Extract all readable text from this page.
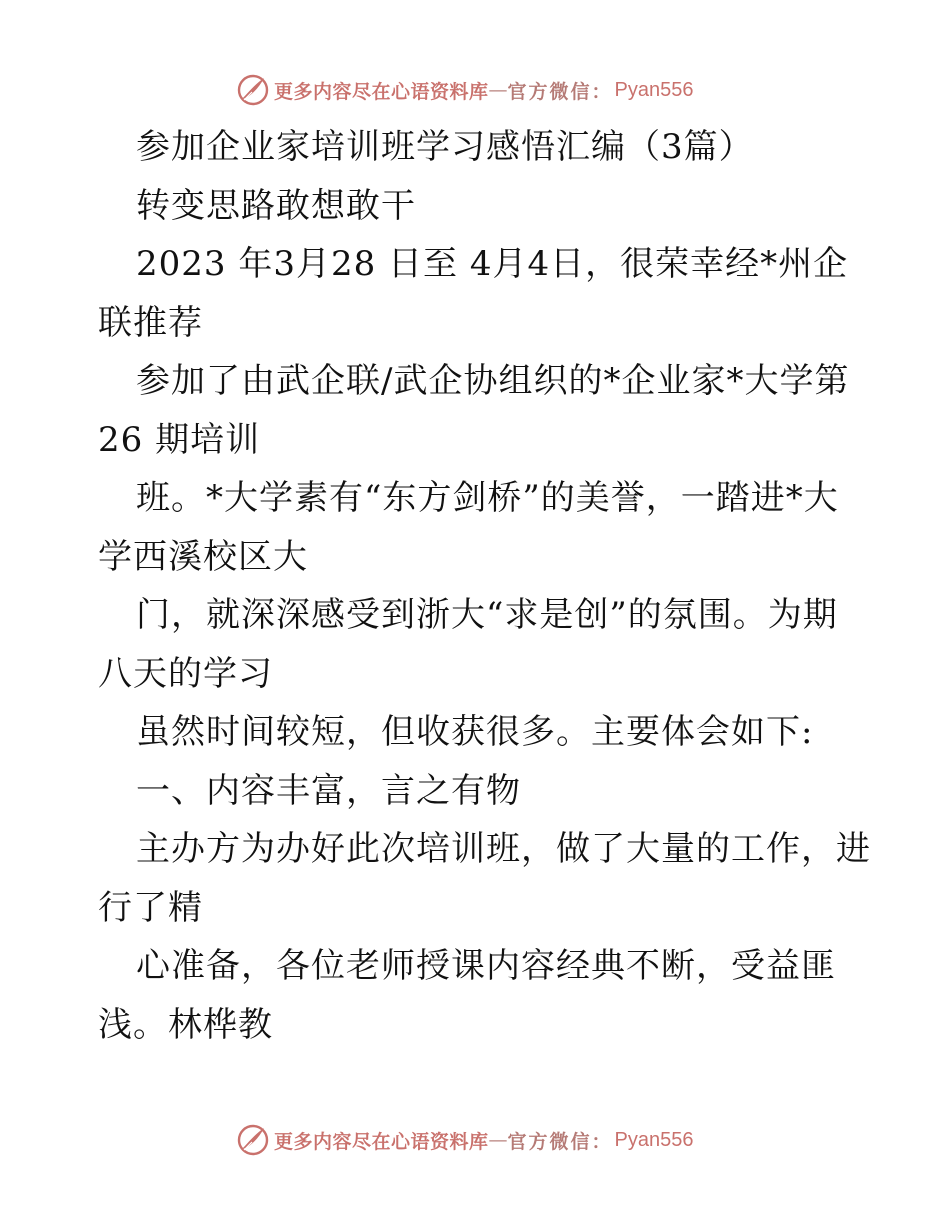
更多内容尽在心语资料库 — 官方微信： Pyan556
参加企业家培训班学习感悟汇编（3篇）
转变思路敢想敢干
2023 年3月28 日至 4月4日，很荣幸经*州企
联推荐
参加了由武企联/武企协组织的*企业家*大学第
26 期培训
班。*大学素有“东方剑桥”的美誉，一踏进*大
学西溪校区大
门，就深深感受到浙大“求是创”的氛围。为期
八天的学习
虽然时间较短，但收获很多。主要体会如下:
一、内容丰富，言之有物
主办方为办好此次培训班，做了大量的工作，进
行了精
心准备，各位老师授课内容经典不断，受益匪
浅。林桦教
更多内容尽在心语资料库 — 官方微信： Pyan556
